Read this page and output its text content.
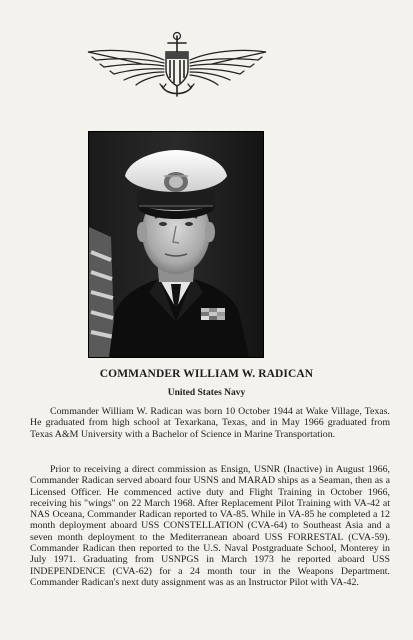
COMMANDER WILLIAM W. RADICAN
United States Navy

Commander William W. Radican was born 10 October 1944 at Wake Village, Texas. He graduated from high school at Texarkana, Texas, and in May 1966 graduated from Texas A&M University with a Bachelor of Science in Marine Transportation.

Prior to receiving a direct commission as Ensign, USNR (Inactive) in August 1966, Commander Radican served aboard four USNS and MARAD ships as a Seaman, then as a Licensed Officer. He commenced active duty and Flight Training in October 1966, receiving his "wings" on 22 March 1968. After Replacement Pilot Training with VA-42 at NAS Oceana, Commander Radican reported to VA-85. While in VA-85 he completed a 12 month deployment aboard USS CONSTELLATION (CVA-64) to Southeast Asia and a seven month deployment to the Mediterranean aboard USS FORRESTAL (CVA-59). Commander Radican then reported to the U.S. Naval Postgraduate School, Monterey in July 1971. Graduating from USNPGS in March 1973 he reported aboard USS INDEPENDENCE (CVA-62) for a 24 month tour in the Weapons Department. Commander Radican's next duty assignment was as an Instructor Pilot with VA-42.
